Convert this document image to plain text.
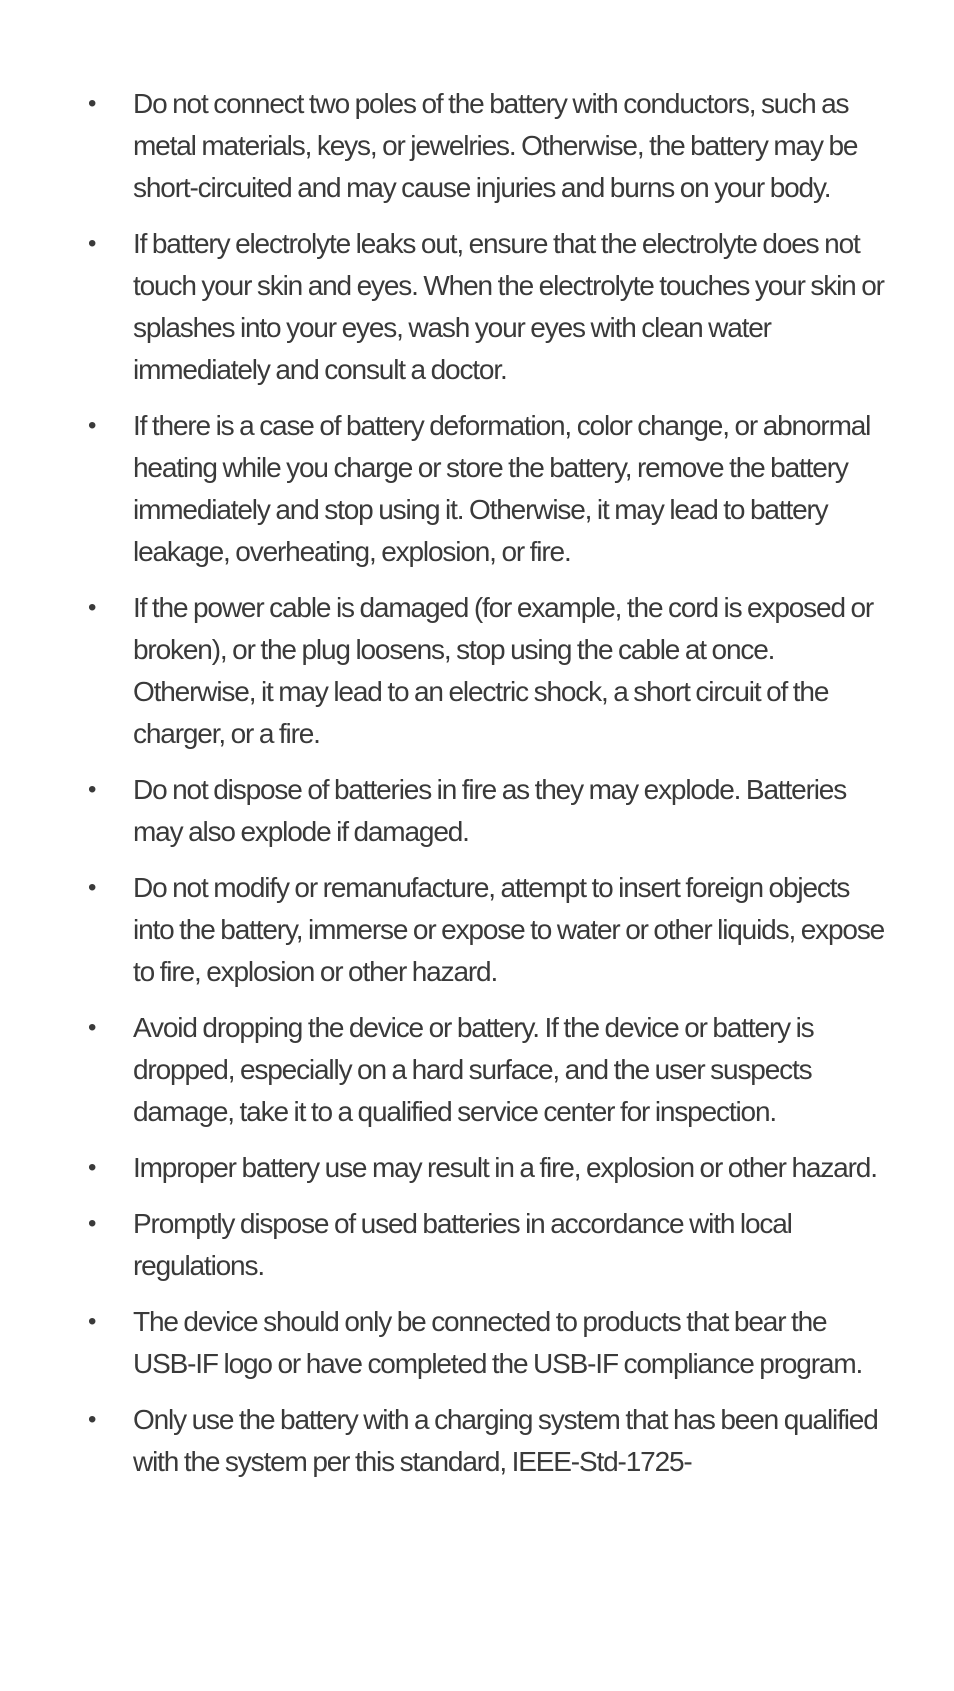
•	Do not connect two poles of the battery with conductors, such as metal materials, keys, or jewelries. Otherwise, the battery may be short-circuited and may cause injuries and burns on your body.
•	If battery electrolyte leaks out, ensure that the electrolyte does not touch your skin and eyes. When the electrolyte touches your skin or splashes into your eyes, wash your eyes with clean water immediately and consult a doctor.
•	If there is a case of battery deformation, color change, or abnormal heating while you charge or store the battery, remove the battery immediately and stop using it. Otherwise, it may lead to battery leakage, overheating, explosion, or fire.
•	If the power cable is damaged (for example, the cord is exposed or broken), or the plug loosens, stop using the cable at once. Otherwise, it may lead to an electric shock, a short circuit of the charger, or a fire.
•	Do not dispose of batteries in fire as they may explode. Batteries may also explode if damaged.
•	Do not modify or remanufacture, attempt to insert foreign objects into the battery, immerse or expose to water or other liquids, expose to fire, explosion or other hazard.
•	Avoid dropping the device or battery. If the device or battery is dropped, especially on a hard surface, and the user suspects damage, take it to a qualified service center for inspection.
•	Improper battery use may result in a fire, explosion or other hazard.
•	Promptly dispose of used batteries in accordance with local regulations.
•	The device should only be connected to products that bear the USB-IF logo or have completed the USB-IF compliance program.
•	Only use the battery with a charging system that has been qualified with the system per this standard, IEEE-Std-1725-
